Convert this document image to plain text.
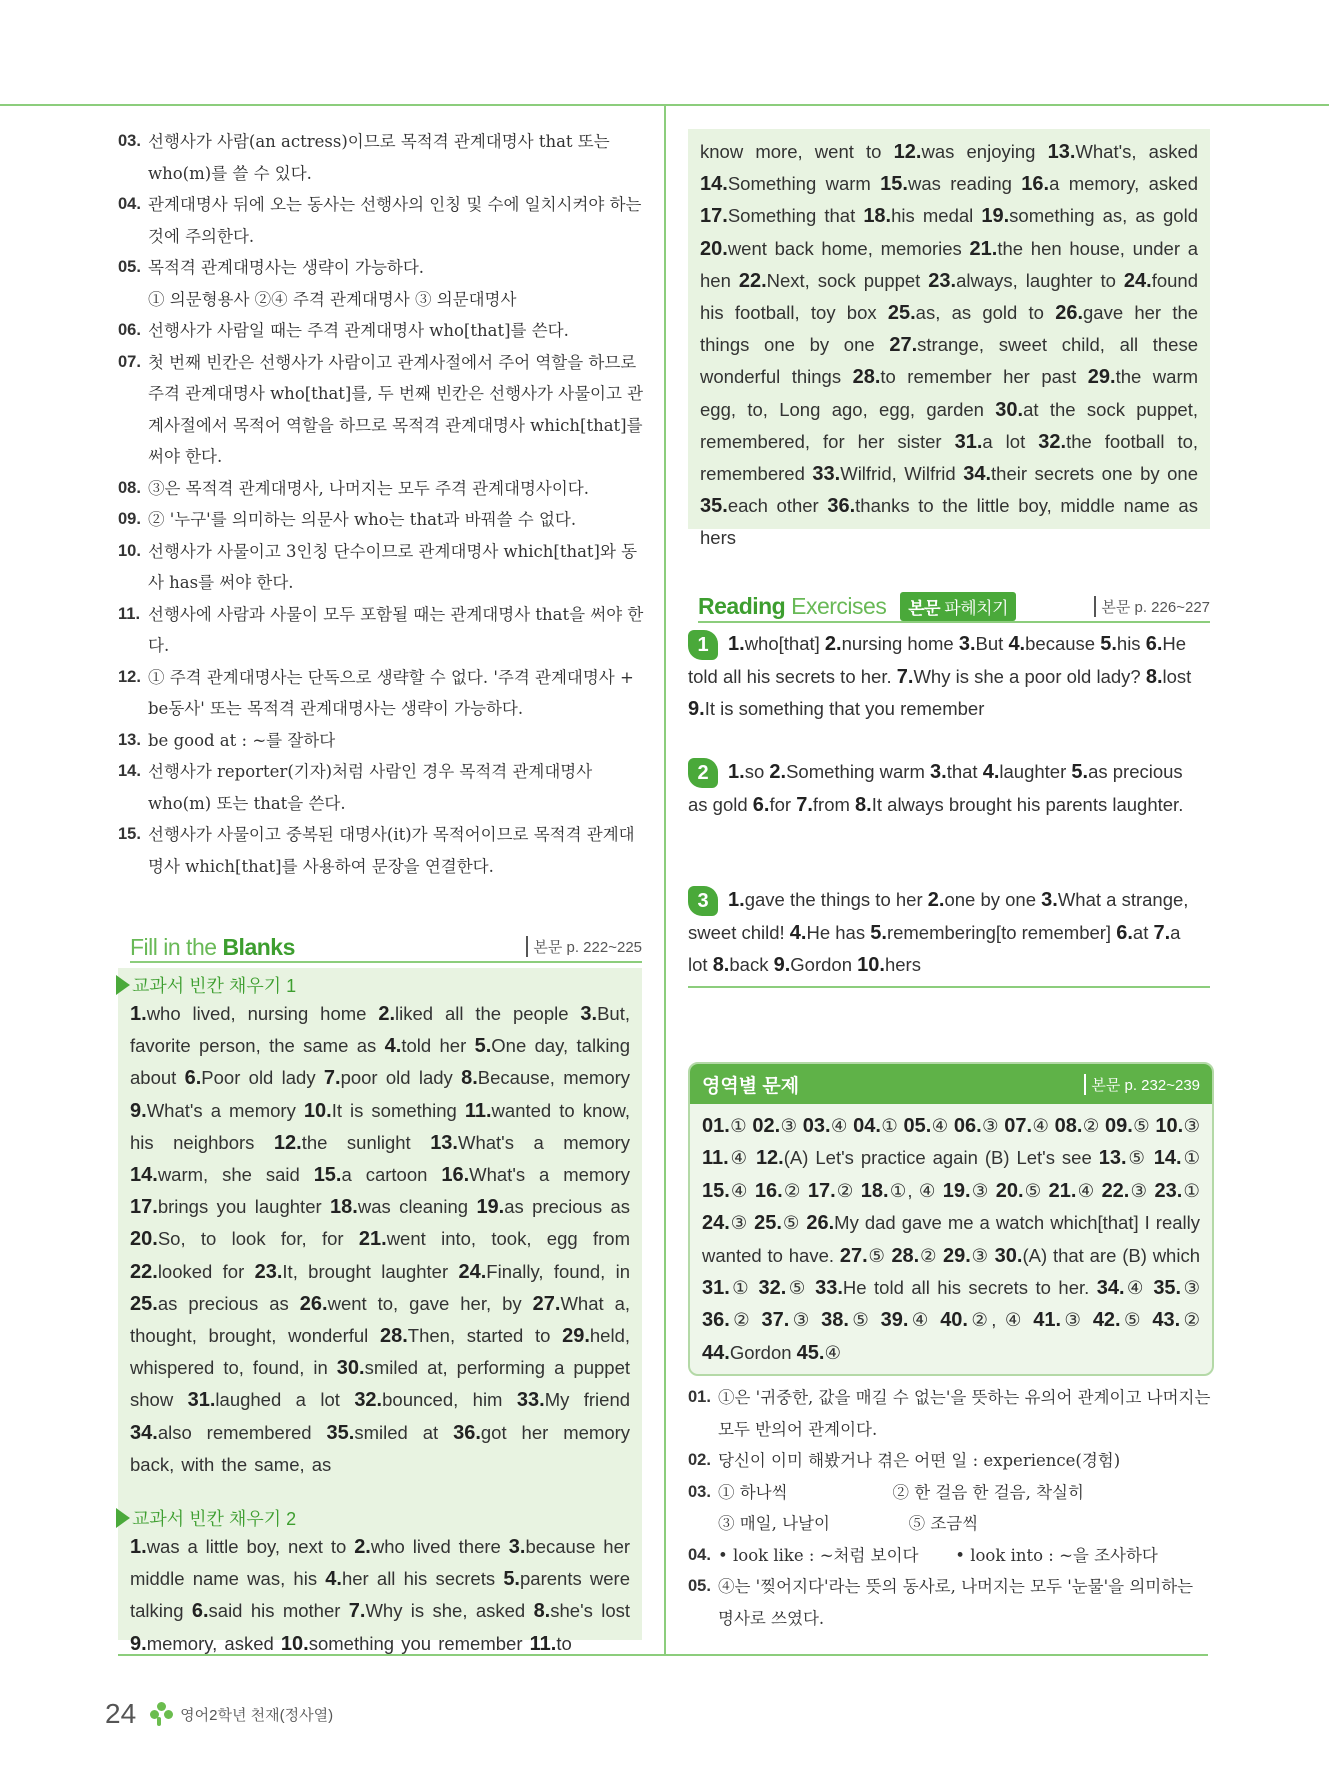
03. 선행사가 사람(an actress)이므로 목적격 관계대명사 that 또는 who(m)를 쓸 수 있다.
04. 관계대명사 뒤에 오는 동사는 선행사의 인칭 및 수에 일치시켜야 하는 것에 주의한다.
05. 목적격 관계대명사는 생략이 가능하다.
① 의문형용사 ②④ 주격 관계대명사 ③ 의문대명사
06. 선행사가 사람일 때는 주격 관계대명사 who[that]를 쓴다.
07. 첫 번째 빈칸은 선행사가 사람이고 관계사절에서 주어 역할을 하므로 주격 관계대명사 who[that]를, 두 번째 빈칸은 선행사가 사물이고 관계사절에서 목적어 역할을 하므로 목적격 관계대명사 which[that]를 써야 한다.
08. ③은 목적격 관계대명사, 나머지는 모두 주격 관계대명사이다.
09. ② '누구'를 의미하는 의문사 who는 that과 바꿔쓸 수 없다.
10. 선행사가 사물이고 3인칭 단수이므로 관계대명사 which[that]와 동사 has를 써야 한다.
11. 선행사에 사람과 사물이 모두 포함될 때는 관계대명사 that을 써야 한다.
12. ① 주격 관계대명사는 단독으로 생략할 수 없다. '주격 관계대명사 + be동사' 또는 목적격 관계대명사는 생략이 가능하다.
13. be good at : ~를 잘하다
14. 선행사가 reporter(기자)처럼 사람인 경우 목적격 관계대명사 who(m) 또는 that을 쓴다.
15. 선행사가 사물이고 중복된 대명사(it)가 목적어이므로 목적격 관계대명사 which[that]를 사용하여 문장을 연결한다.
Fill in the Blanks	본문 p. 222~225
교과서 빈칸 채우기 1
1.who lived, nursing home 2.liked all the people 3.But, favorite person, the same as 4.told her 5.One day, talking about 6.Poor old lady 7.poor old lady 8.Because, memory 9.What's a memory 10.It is something 11.wanted to know, his neighbors 12.the sunlight 13.What's a memory 14.warm, she said 15.a cartoon 16.What's a memory 17.brings you laughter 18.was cleaning 19.as precious as 20.So, to look for, for 21.went into, took, egg from 22.looked for 23.It, brought laughter 24.Finally, found, in 25.as precious as 26.went to, gave her, by 27.What a, thought, brought, wonderful 28.Then, started to 29.held, whispered to, found, in 30.smiled at, performing a puppet show 31.laughed a lot 32.bounced, him 33.My friend 34.also remembered 35.smiled at 36.got her memory back, with the same, as
교과서 빈칸 채우기 2
1.was a little boy, next to 2.who lived there 3.because her middle name was, his 4.her all his secrets 5.parents were talking 6.said his mother 7.Why is she, asked 8.she's lost 9.memory, asked 10.something you remember 11.to
know more, went to 12.was enjoying 13.What's, asked 14.Something warm 15.was reading 16.a memory, asked 17.Something that 18.his medal 19.something as, as gold 20.went back home, memories 21.the hen house, under a hen 22.Next, sock puppet 23.always, laughter to 24.found his football, toy box 25.as, as gold to 26.gave her the things one by one 27.strange, sweet child, all these wonderful things 28.to remember her past 29.the warm egg, to, Long ago, egg, garden 30.at the sock puppet, remembered, for her sister 31.a lot 32.the football to, remembered 33.Wilfrid, Wilfrid 34.their secrets one by one 35.each other 36.thanks to the little boy, middle name as hers
Reading Exercises 본문 파헤치기	본문 p. 226~227
1 1.who[that] 2.nursing home 3.But 4.because 5.his 6.He told all his secrets to her. 7.Why is she a poor old lady? 8.lost 9.It is something that you remember
2 1.so 2.Something warm 3.that 4.laughter 5.as precious as gold 6.for 7.from 8.It always brought his parents laughter.
3 1.gave the things to her 2.one by one 3.What a strange, sweet child! 4.He has 5.remembering[to remember] 6.at 7.a lot 8.back 9.Gordon 10.hers
영역별 문제	본문 p. 232~239
01.① 02.③ 03.④ 04.① 05.④ 06.③ 07.④ 08.② 09.⑤ 10.③ 11.④ 12.(A) Let's practice again (B) Let's see 13.⑤ 14.① 15.④ 16.② 17.② 18.①, ④ 19.③ 20.⑤ 21.④ 22.③ 23.① 24.③ 25.⑤ 26.My dad gave me a watch which[that] I really wanted to have. 27.⑤ 28.② 29.③ 30.(A) that are (B) which 31.① 32.⑤ 33.He told all his secrets to her. 34.④ 35.③ 36.② 37.③ 38.⑤ 39.④ 40.②, ④ 41.③ 42.⑤ 43.② 44.Gordon 45.④
01. ①은 '귀중한, 값을 매길 수 없는'을 뜻하는 유의어 관계이고 나머지는 모두 반의어 관계이다.
02. 당신이 이미 해봤거나 겪은 어떤 일 : experience(경험)
03. ① 하나씩                    ② 한 걸음 한 걸음, 착실히
③ 매일, 나날이               ⑤ 조금씩
04. • look like : ~처럼 보이다       • look into : ~을 조사하다
05. ④는 '찢어지다'라는 뜻의 동사로, 나머지는 모두 '눈물'을 의미하는 명사로 쓰였다.
24	영어2학년 천재(정사열)
